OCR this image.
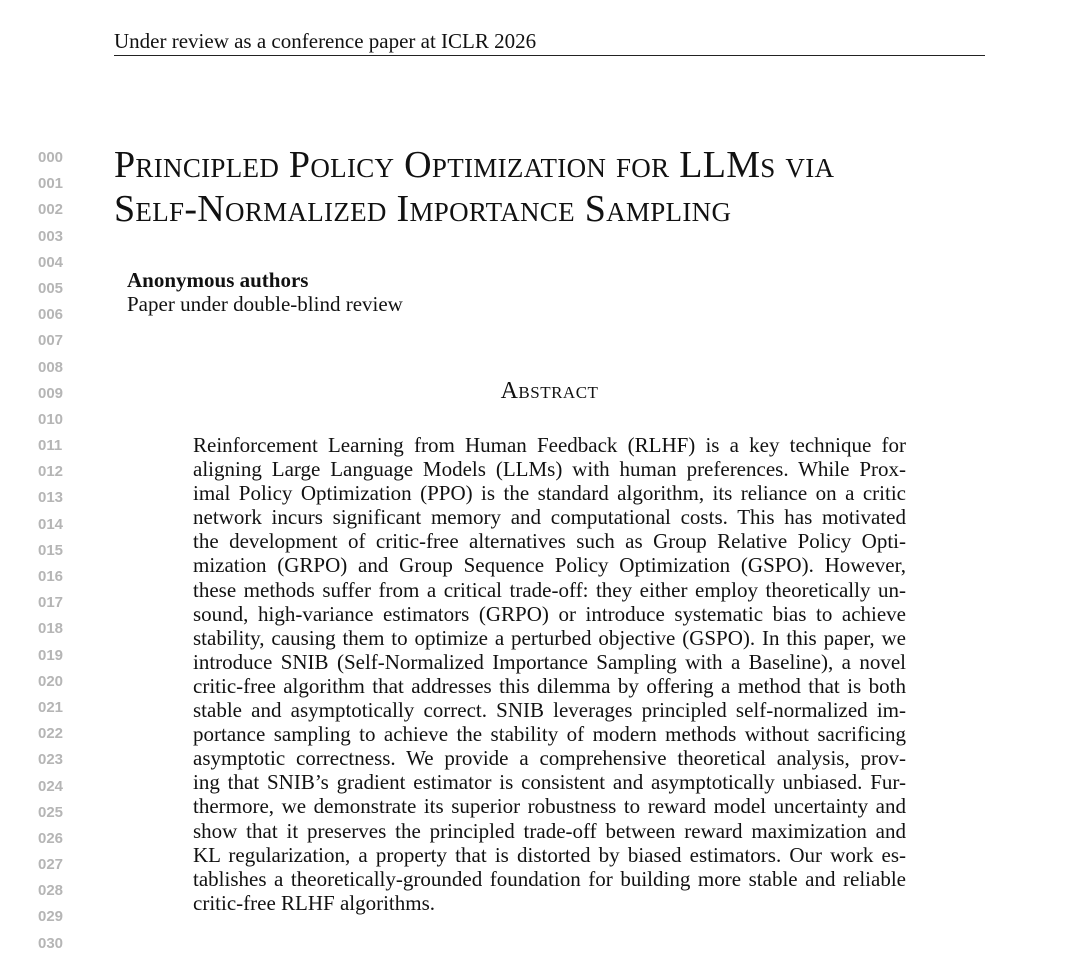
Under review as a conference paper at ICLR 2026
000
001
002
003
004
005
006
007
008
009
010
011
012
013
014
015
016
017
018
019
020
021
022
023
024
025
026
027
028
029
030
Principled Policy Optimization for LLMs via
Self-Normalized Importance Sampling
Anonymous authors
Paper under double-blind review
Abstract
Reinforcement Learning from Human Feedback (RLHF) is a key technique for
aligning Large Language Models (LLMs) with human preferences. While Prox-
imal Policy Optimization (PPO) is the standard algorithm, its reliance on a critic
network incurs significant memory and computational costs. This has motivated
the development of critic-free alternatives such as Group Relative Policy Opti-
mization (GRPO) and Group Sequence Policy Optimization (GSPO). However,
these methods suffer from a critical trade-off: they either employ theoretically un-
sound, high-variance estimators (GRPO) or introduce systematic bias to achieve
stability, causing them to optimize a perturbed objective (GSPO). In this paper, we
introduce SNIB (Self-Normalized Importance Sampling with a Baseline), a novel
critic-free algorithm that addresses this dilemma by offering a method that is both
stable and asymptotically correct. SNIB leverages principled self-normalized im-
portance sampling to achieve the stability of modern methods without sacrificing
asymptotic correctness. We provide a comprehensive theoretical analysis, prov-
ing that SNIB’s gradient estimator is consistent and asymptotically unbiased. Fur-
thermore, we demonstrate its superior robustness to reward model uncertainty and
show that it preserves the principled trade-off between reward maximization and
KL regularization, a property that is distorted by biased estimators. Our work es-
tablishes a theoretically-grounded foundation for building more stable and reliable
critic-free RLHF algorithms.
